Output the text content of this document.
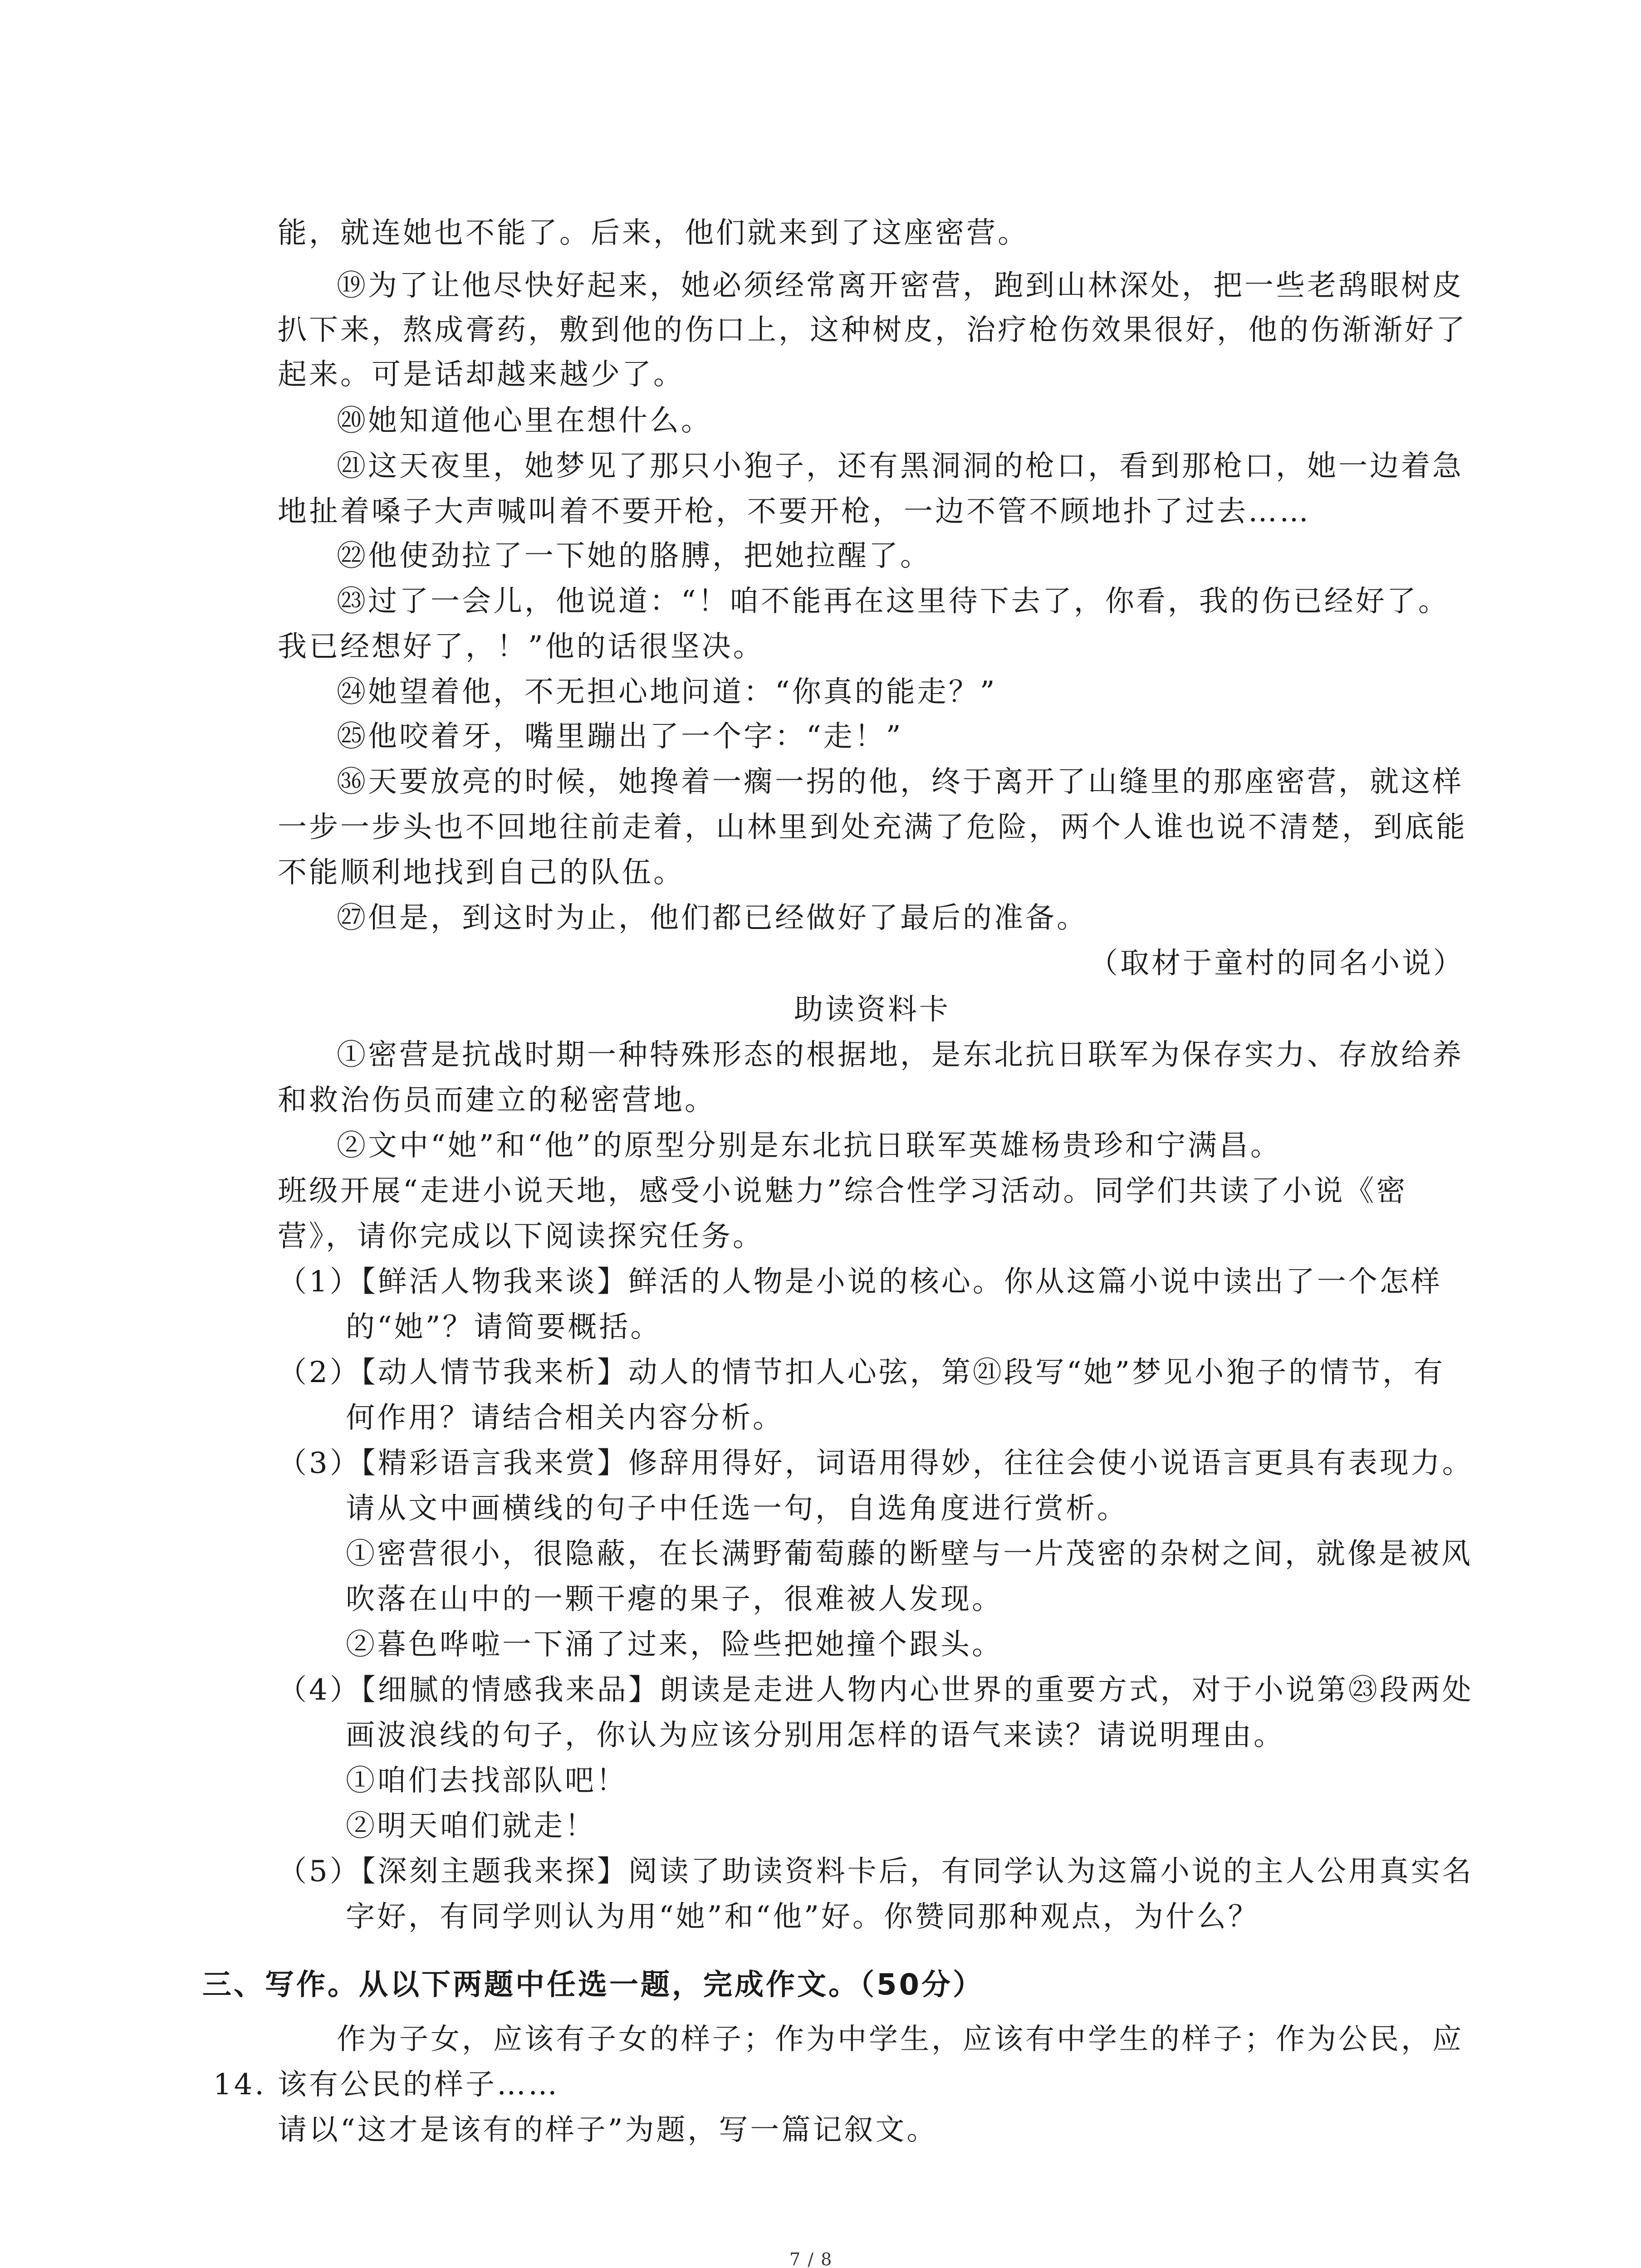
能，就连她也不能了。后来，他们就来到了这座密营。
⑲为了让他尽快好起来，她必须经常离开密营，跑到山林深处，把一些老鸹眼树皮
扒下来，熬成膏药，敷到他的伤口上，这种树皮，治疗枪伤效果很好，他的伤渐渐好了
起来。可是话却越来越少了。
⑳她知道他心里在想什么。
㉑这天夜里，她梦见了那只小狍子，还有黑洞洞的枪口，看到那枪口，她一边着急
地扯着嗓子大声喊叫着不要开枪，不要开枪，一边不管不顾地扑了过去……
㉒他使劲拉了一下她的胳膊，把她拉醒了。
㉓过了一会儿，他说道：“！咱不能再在这里待下去了，你看，我的伤已经好了。
我已经想好了，！”他的话很坚决。
㉔她望着他，不无担心地问道：“你真的能走？”
㉕他咬着牙，嘴里蹦出了一个字：“走！”
㊱天要放亮的时候，她搀着一瘸一拐的他，终于离开了山缝里的那座密营，就这样
一步一步头也不回地往前走着，山林里到处充满了危险，两个人谁也说不清楚，到底能
不能顺利地找到自己的队伍。
㉗但是，到这时为止，他们都已经做好了最后的准备。
（取材于童村的同名小说）
助读资料卡
①密营是抗战时期一种特殊形态的根据地，是东北抗日联军为保存实力、存放给养
和救治伤员而建立的秘密营地。
②文中“她”和“他”的原型分别是东北抗日联军英雄杨贵珍和宁满昌。
班级开展“走进小说天地，感受小说魅力”综合性学习活动。同学们共读了小说《密
营》，请你完成以下阅读探究任务。
（1）【鲜活人物我来谈】鲜活的人物是小说的核心。你从这篇小说中读出了一个怎样
的“她”？请简要概括。
（2）【动人情节我来析】动人的情节扣人心弦，第㉑段写“她”梦见小狍子的情节，有
何作用？请结合相关内容分析。
（3）【精彩语言我来赏】修辞用得好，词语用得妙，往往会使小说语言更具有表现力。
请从文中画横线的句子中任选一句，自选角度进行赏析。
①密营很小，很隐蔽，在长满野葡萄藤的断壁与一片茂密的杂树之间，就像是被风
吹落在山中的一颗干瘪的果子，很难被人发现。
②暮色哗啦一下涌了过来，险些把她撞个跟头。
（4）【细腻的情感我来品】朗读是走进人物内心世界的重要方式，对于小说第㉓段两处
画波浪线的句子，你认为应该分别用怎样的语气来读？请说明理由。
①咱们去找部队吧！
②明天咱们就走！
（5）【深刻主题我来探】阅读了助读资料卡后，有同学认为这篇小说的主人公用真实名
字好，有同学则认为用“她”和“他”好。你赞同那种观点，为什么？
三、写作。从以下两题中任选一题，完成作文。（50分）
作为子女，应该有子女的样子；作为中学生，应该有中学生的样子；作为公民，应
14. 该有公民的样子……
请以“这才是该有的样子”为题，写一篇记叙文。
7 / 8
